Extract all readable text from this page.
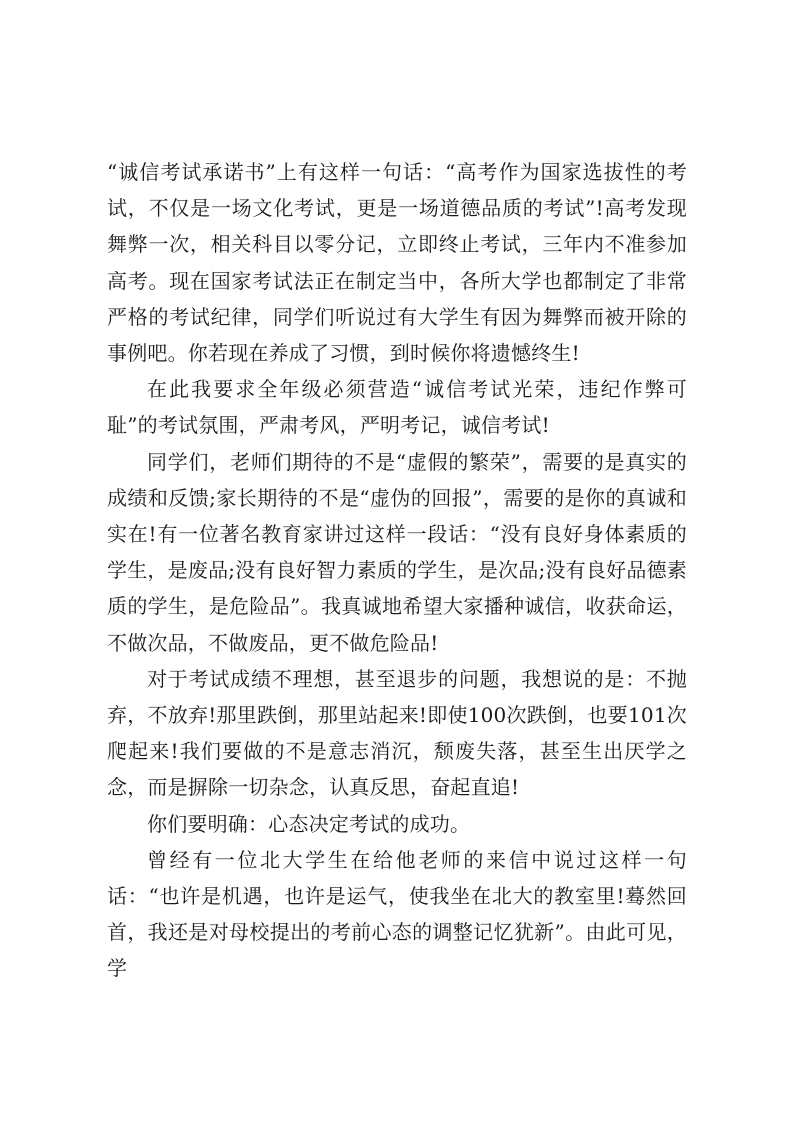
“诚信考试承诺书”上有这样一句话：“高考作为国家选拔性的考试，不仅是一场文化考试，更是一场道德品质的考试”!高考发现舞弊一次，相关科目以零分记，立即终止考试，三年内不准参加高考。现在国家考试法正在制定当中，各所大学也都制定了非常严格的考试纪律，同学们听说过有大学生有因为舞弊而被开除的事例吧。你若现在养成了习惯，到时候你将遗憾终生!

在此我要求全年级必须营造“诚信考试光荣，违纪作弊可耻”的考试氛围，严肃考风，严明考记，诚信考试!

同学们，老师们期待的不是“虚假的繁荣”，需要的是真实的成绩和反馈;家长期待的不是“虚伪的回报”，需要的是你的真诚和实在!有一位著名教育家讲过这样一段话：“没有良好身体素质的学生，是废品;没有良好智力素质的学生，是次品;没有良好品德素质的学生，是危险品”。我真诚地希望大家播种诚信，收获命运，不做次品，不做废品，更不做危险品!

对于考试成绩不理想，甚至退步的问题，我想说的是：不抛弃，不放弃!那里跌倒，那里站起来!即使100次跌倒，也要101次爬起来!我们要做的不是意志消沉，颓废失落，甚至生出厌学之念，而是摒除一切杂念，认真反思，奋起直追!

你们要明确：心态决定考试的成功。

曾经有一位北大学生在给他老师的来信中说过这样一句话：“也许是机遇，也许是运气，使我坐在北大的教室里!蓦然回首，我还是对母校提出的考前心态的调整记忆犹新”。由此可见，学
